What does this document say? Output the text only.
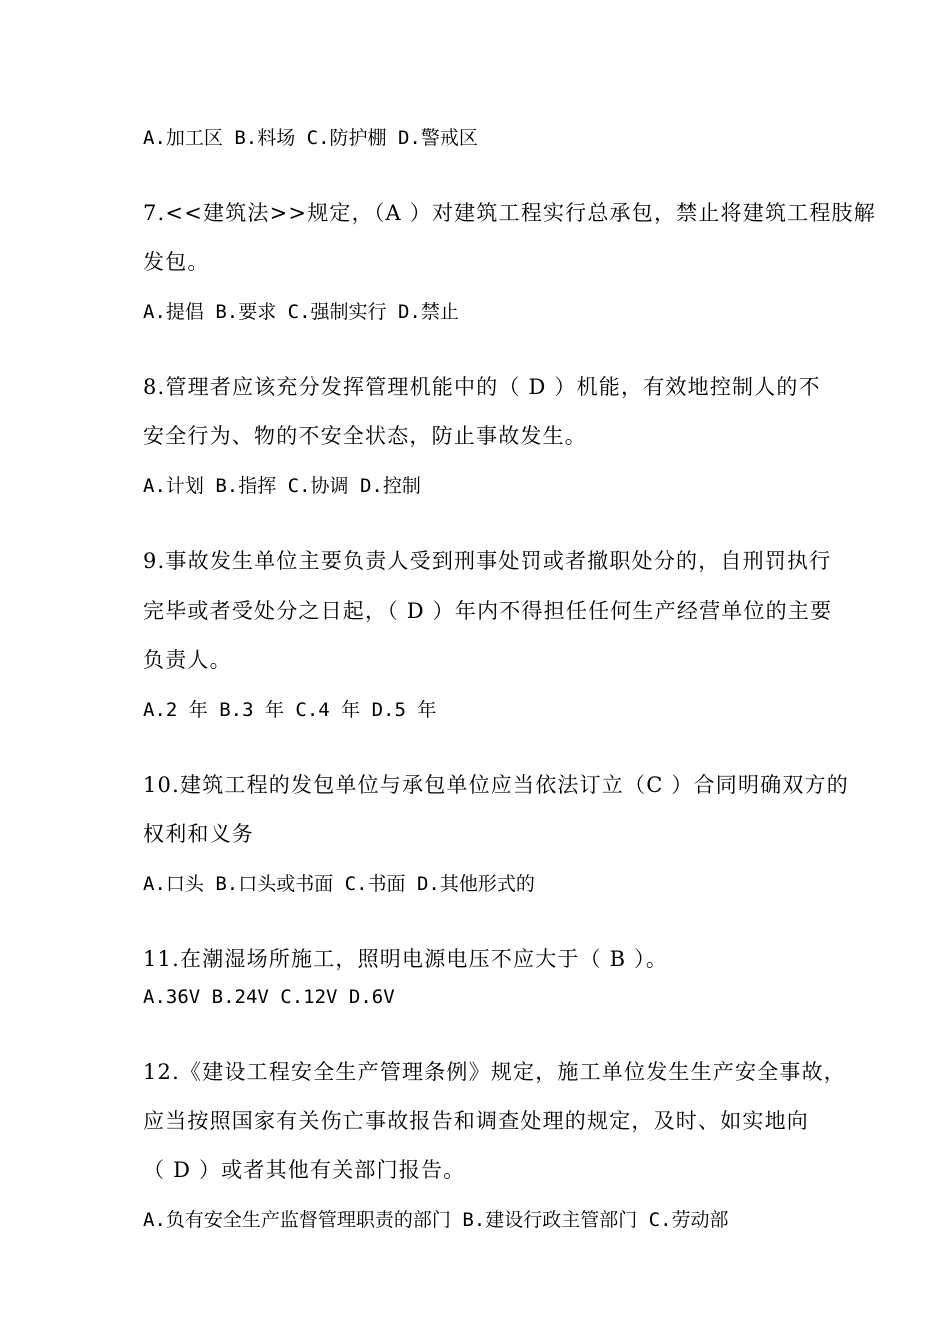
A.加工区 B.料场 C.防护棚 D.警戒区
7.<<建筑法>>规定，（A ）对建筑工程实行总承包，禁止将建筑工程肢解
发包。
A.提倡 B.要求 C.强制实行 D.禁止
8.管理者应该充分发挥管理机能中的（ D ）机能，有效地控制人的不
安全行为、物的不安全状态，防止事故发生。
A.计划 B.指挥 C.协调 D.控制
9.事故发生单位主要负责人受到刑事处罚或者撤职处分的，自刑罚执行
完毕或者受处分之日起，（ D ）年内不得担任任何生产经营单位的主要
负责人。
A.2 年 B.3 年 C.4 年 D.5 年
10.建筑工程的发包单位与承包单位应当依法订立（C ）合同明确双方的
权利和义务
A.口头 B.口头或书面 C.书面 D.其他形式的
11.在潮湿场所施工，照明电源电压不应大于（ B ）。
A.36V B.24V C.12V D.6V
12.《建设工程安全生产管理条例》规定，施工单位发生生产安全事故，
应当按照国家有关伤亡事故报告和调查处理的规定，及时、如实地向
（ D ）或者其他有关部门报告。
A.负有安全生产监督管理职责的部门 B.建设行政主管部门 C.劳动部
